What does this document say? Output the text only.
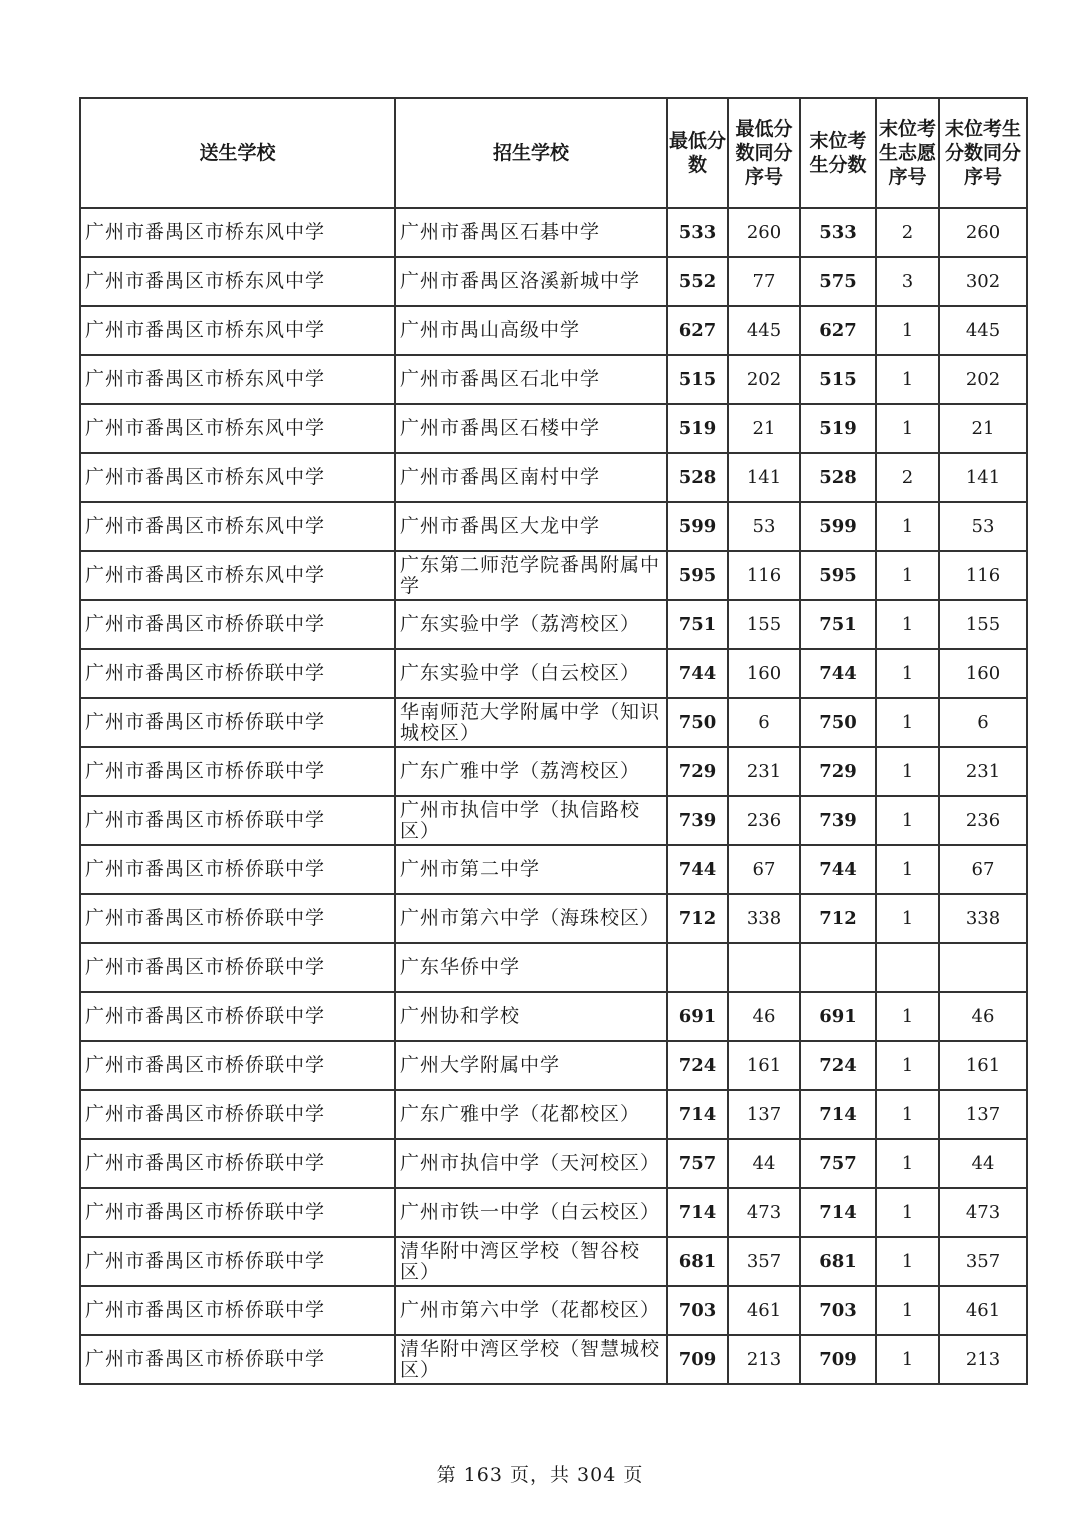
送生学校	招生学校	最低分数	最低分数同分序号	末位考生分数	末位考生志愿序号	末位考生分数同分序号
广州市番禺区市桥东风中学	广州市番禺区石碁中学	533	260	533	2	260
广州市番禺区市桥东风中学	广州市番禺区洛溪新城中学	552	77	575	3	302
广州市番禺区市桥东风中学	广州市禺山高级中学	627	445	627	1	445
广州市番禺区市桥东风中学	广州市番禺区石北中学	515	202	515	1	202
广州市番禺区市桥东风中学	广州市番禺区石楼中学	519	21	519	1	21
广州市番禺区市桥东风中学	广州市番禺区南村中学	528	141	528	2	141
广州市番禺区市桥东风中学	广州市番禺区大龙中学	599	53	599	1	53
广州市番禺区市桥东风中学	广东第二师范学院番禺附属中学	595	116	595	1	116
广州市番禺区市桥侨联中学	广东实验中学（荔湾校区）	751	155	751	1	155
广州市番禺区市桥侨联中学	广东实验中学（白云校区）	744	160	744	1	160
广州市番禺区市桥侨联中学	华南师范大学附属中学（知识城校区）	750	6	750	1	6
广州市番禺区市桥侨联中学	广东广雅中学（荔湾校区）	729	231	729	1	231
广州市番禺区市桥侨联中学	广州市执信中学（执信路校区）	739	236	739	1	236
广州市番禺区市桥侨联中学	广州市第二中学	744	67	744	1	67
广州市番禺区市桥侨联中学	广州市第六中学（海珠校区）	712	338	712	1	338
广州市番禺区市桥侨联中学	广东华侨中学					
广州市番禺区市桥侨联中学	广州协和学校	691	46	691	1	46
广州市番禺区市桥侨联中学	广州大学附属中学	724	161	724	1	161
广州市番禺区市桥侨联中学	广东广雅中学（花都校区）	714	137	714	1	137
广州市番禺区市桥侨联中学	广州市执信中学（天河校区）	757	44	757	1	44
广州市番禺区市桥侨联中学	广州市铁一中学（白云校区）	714	473	714	1	473
广州市番禺区市桥侨联中学	清华附中湾区学校（智谷校区）	681	357	681	1	357
广州市番禺区市桥侨联中学	广州市第六中学（花都校区）	703	461	703	1	461
广州市番禺区市桥侨联中学	清华附中湾区学校（智慧城校区）	709	213	709	1	213
第 163 页，共 304 页
